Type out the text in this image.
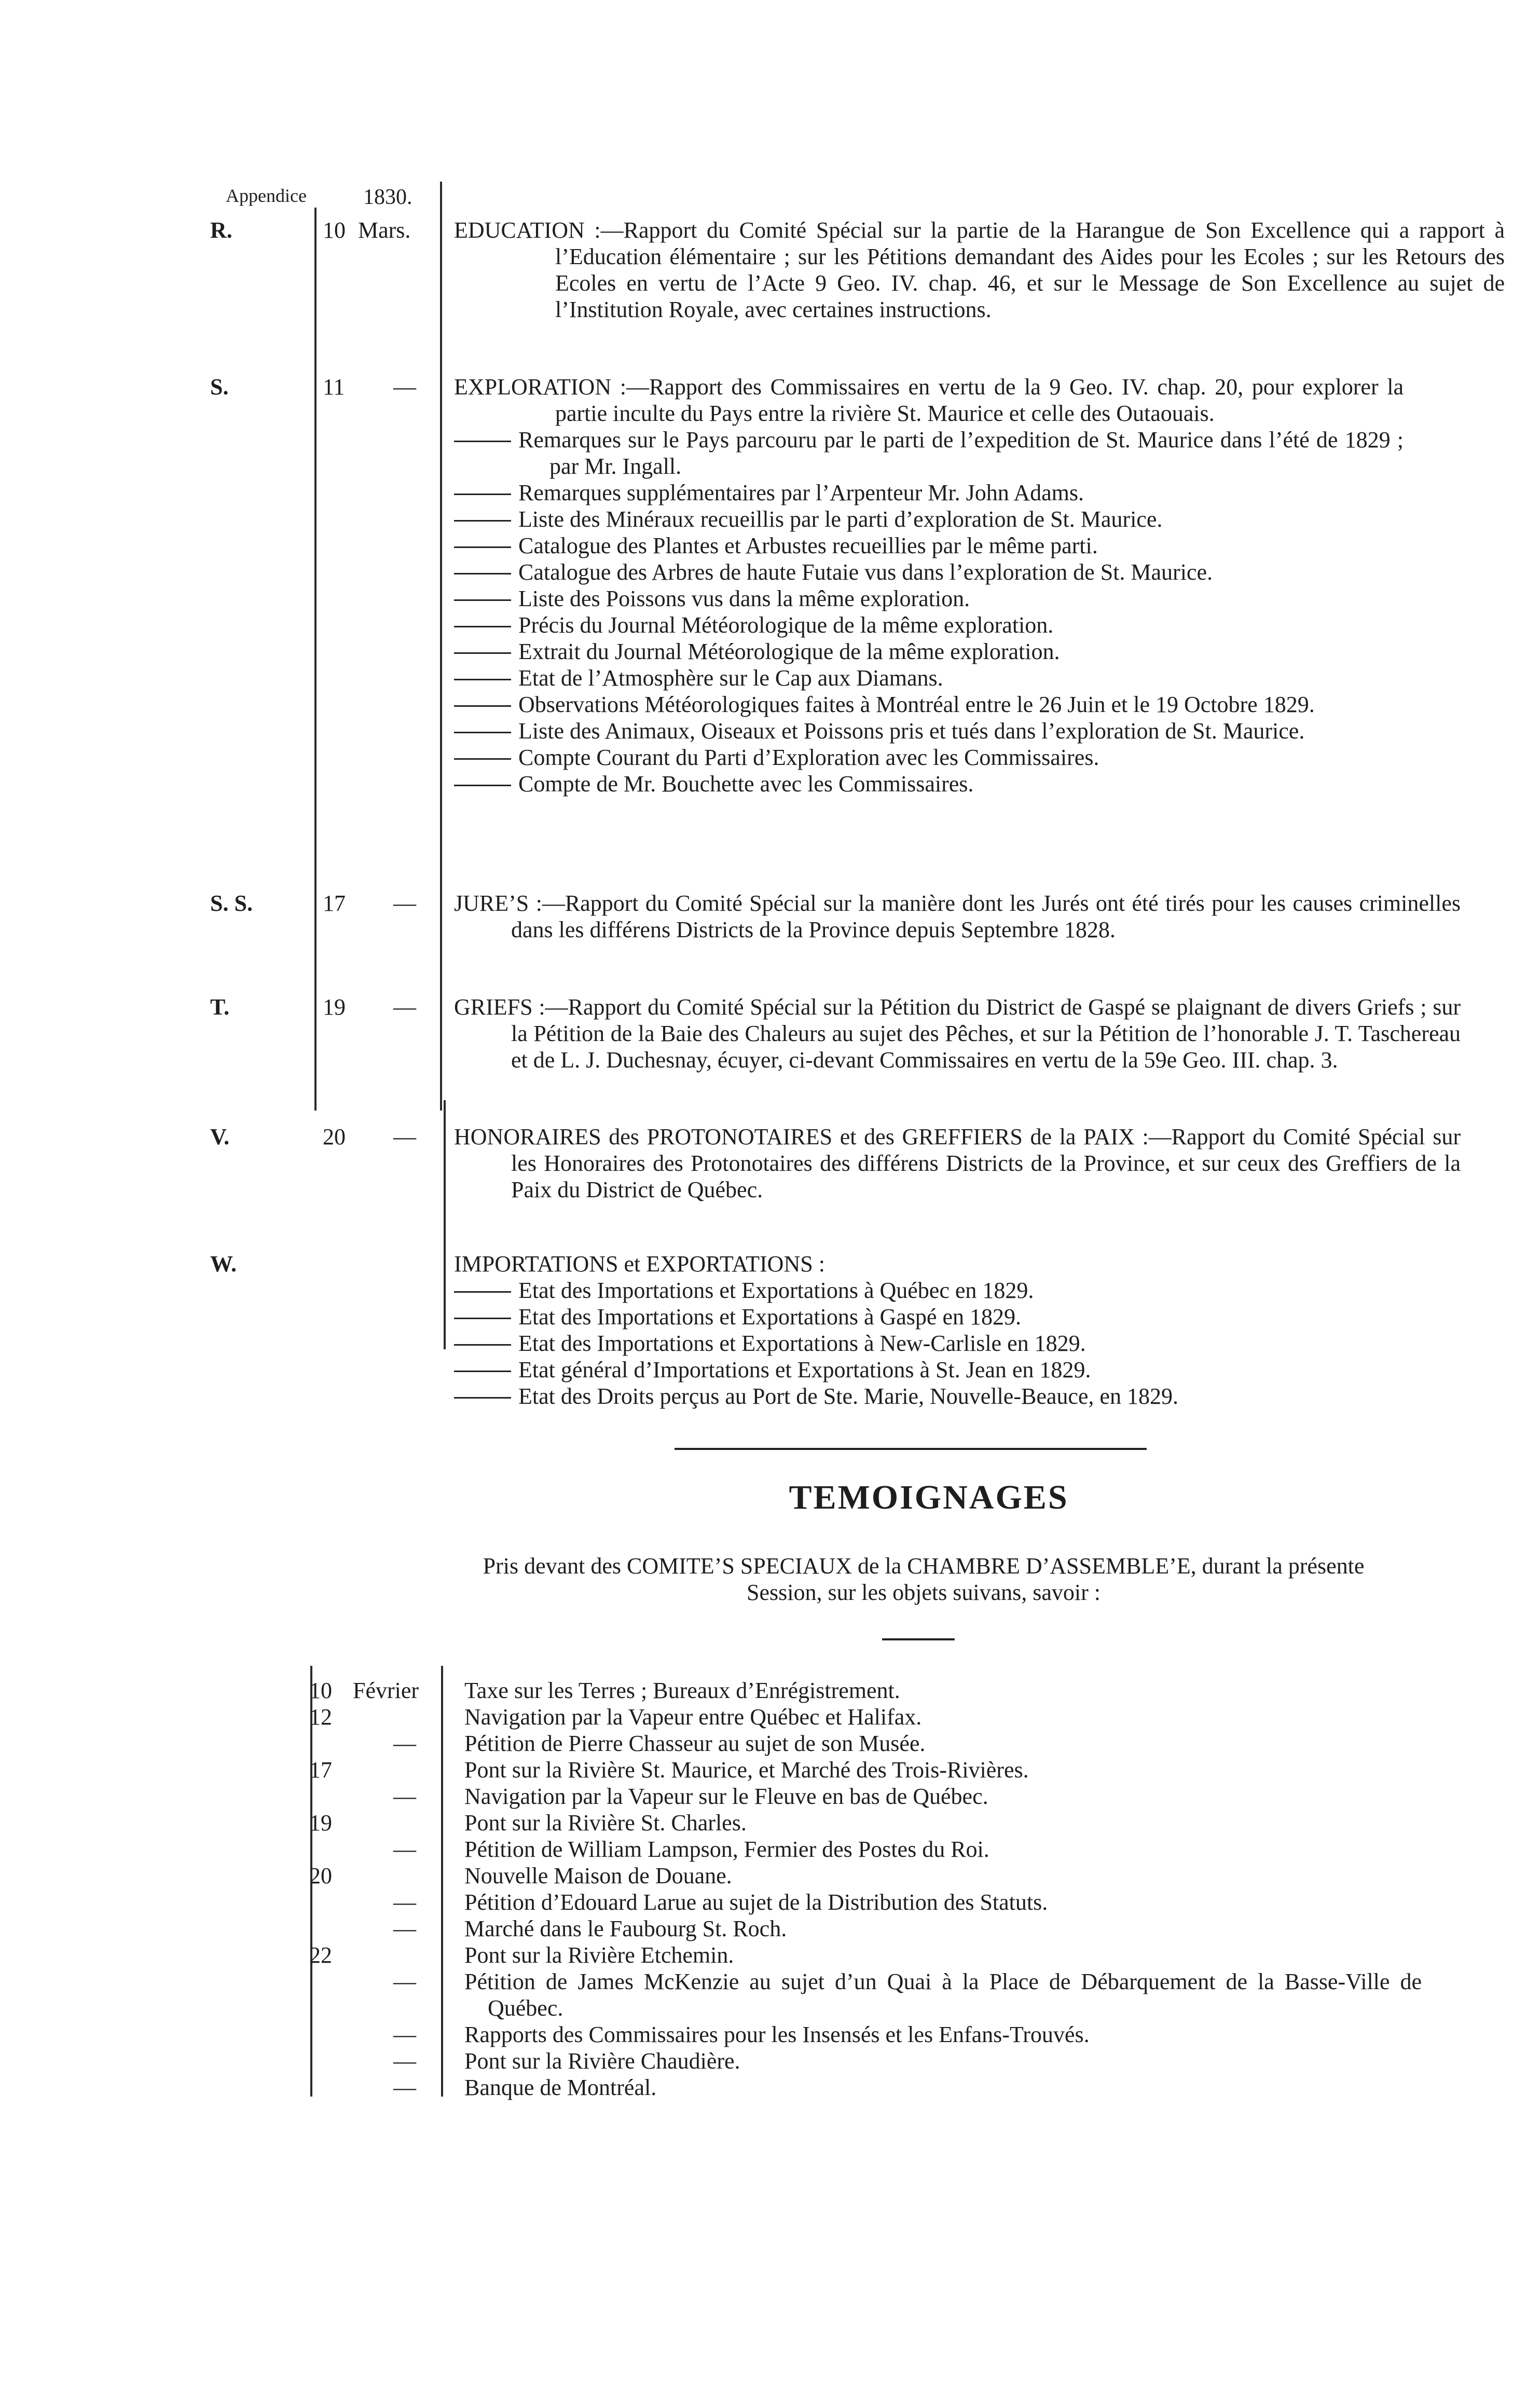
Appendice	1830.
R.	10 Mars. EDUCATION :—Rapport du Comité Spécial sur la partie de la Harangue de Son Excellence qui a rapport à l’Education élémentaire ; sur les Pétitions demandant des Aides pour les Ecoles ; sur les Retours des Ecoles en vertu de l’Acte 9 Geo. IV. chap. 46, et sur le Message de Son Excellence au sujet de l’Institution Royale, avec certaines instructions.
S.	11 — EXPLORATION :—Rapport des Commissaires en vertu de la 9 Geo. IV. chap. 20, pour explorer la partie inculte du Pays entre la rivière St. Maurice et celle des Outaouais.
Remarques sur le Pays parcouru par le parti de l’expedition de St. Maurice dans l’été de 1829 ; par Mr. Ingall.
Remarques supplémentaires par l’Arpenteur Mr. John Adams.
Liste des Minéraux recueillis par le parti d’exploration de St. Maurice.
Catalogue des Plantes et Arbustes recueillies par le même parti.
Catalogue des Arbres de haute Futaie vus dans l’exploration de St. Maurice.
Liste des Poissons vus dans la même exploration.
Précis du Journal Météorologique de la même exploration.
Extrait du Journal Météorologique de la même exploration.
Etat de l’Atmosphère sur le Cap aux Diamans.
Observations Météorologiques faites à Montréal entre le 26 Juin et le 19 Octobre 1829.
Liste des Animaux, Oiseaux et Poissons pris et tués dans l’exploration de St. Maurice.
Compte Courant du Parti d’Exploration avec les Commissaires.
Compte de Mr. Bouchette avec les Commissaires.
S. S.	17 — JURE’S :—Rapport du Comité Spécial sur la manière dont les Jurés ont été tirés pour les causes criminelles dans les différens Districts de la Province depuis Septembre 1828.
T.	19 — GRIEFS :—Rapport du Comité Spécial sur la Pétition du District de Gaspé se plaignant de divers Griefs ; sur la Pétition de la Baie des Chaleurs au sujet des Pêches, et sur la Pétition de l’honorable J. T. Taschereau et de L. J. Duchesnay, écuyer, ci-devant Commissaires en vertu de la 59e Geo. III. chap. 3.
V.	20 — HONORAIRES des PROTONOTAIRES et des GREFFIERS de la PAIX :—Rapport du Comité Spécial sur les Honoraires des Protonotaires des différens Districts de la Province, et sur ceux des Greffiers de la Paix du District de Québec.
W.	IMPORTATIONS et EXPORTATIONS :
Etat des Importations et Exportations à Québec en 1829.
Etat des Importations et Exportations à Gaspé en 1829.
Etat des Importations et Exportations à New-Carlisle en 1829.
Etat général d’Importations et Exportations à St. Jean en 1829.
Etat des Droits perçus au Port de Ste. Marie, Nouvelle-Beauce, en 1829.
TEMOIGNAGES
Pris devant des COMITE’S SPECIAUX de la CHAMBRE D’ASSEMBLE’E, durant la présente Session, sur les objets suivans, savoir :
10 Février Taxe sur les Terres ; Bureaux d’Enrégistrement.
12	Navigation par la Vapeur entre Québec et Halifax.
— Pétition de Pierre Chasseur au sujet de son Musée.
17	Pont sur la Rivière St. Maurice, et Marché des Trois-Rivières.
— Navigation par la Vapeur sur le Fleuve en bas de Québec.
19	Pont sur la Rivière St. Charles.
— Pétition de William Lampson, Fermier des Postes du Roi.
20	Nouvelle Maison de Douane.
— Pétition d’Edouard Larue au sujet de la Distribution des Statuts.
— Marché dans le Faubourg St. Roch.
22	Pont sur la Rivière Etchemin.
— Pétition de James McKenzie au sujet d’un Quai à la Place de Débarquement de la Basse-Ville de Québec.
— Rapports des Commissaires pour les Insensés et les Enfans-Trouvés.
— Pont sur la Rivière Chaudière.
— Banque de Montréal.
